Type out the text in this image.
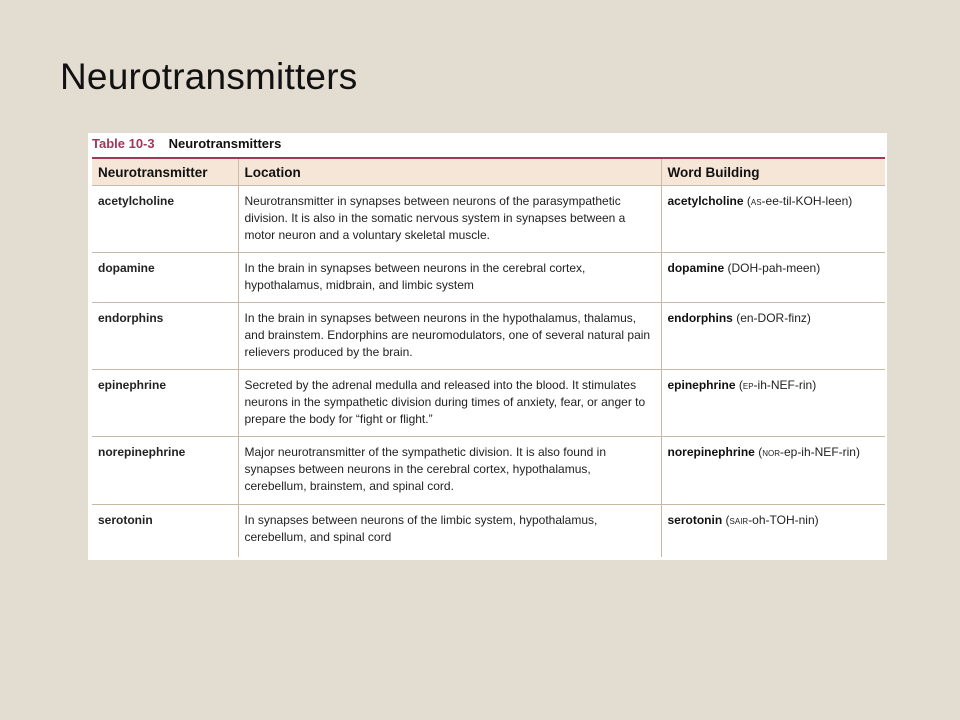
Neurotransmitters
Table 10-3 Neurotransmitters
Neurotransmitter	Location	Word Building
acetylcholine	Neurotransmitter in synapses between neurons of the parasympathetic division. It is also in the somatic nervous system in synapses between a motor neuron and a voluntary skeletal muscle.	acetylcholine (as-ee-til-KOH-leen)
dopamine	In the brain in synapses between neurons in the cerebral cortex, hypothalamus, midbrain, and limbic system	dopamine (DOH-pah-meen)
endorphins	In the brain in synapses between neurons in the hypothalamus, thalamus, and brainstem. Endorphins are neuromodulators, one of several natural pain relievers produced by the brain.	endorphins (en-DOR-finz)
epinephrine	Secreted by the adrenal medulla and released into the blood. It stimulates neurons in the sympathetic division during times of anxiety, fear, or anger to prepare the body for “fight or flight.”	epinephrine (ep-ih-NEF-rin)
norepinephrine	Major neurotransmitter of the sympathetic division. It is also found in synapses between neurons in the cerebral cortex, hypothalamus, cerebellum, brainstem, and spinal cord.	norepinephrine (nor-ep-ih-NEF-rin)
serotonin	In synapses between neurons of the limbic system, hypothalamus, cerebellum, and spinal cord	serotonin (sair-oh-TOH-nin)
